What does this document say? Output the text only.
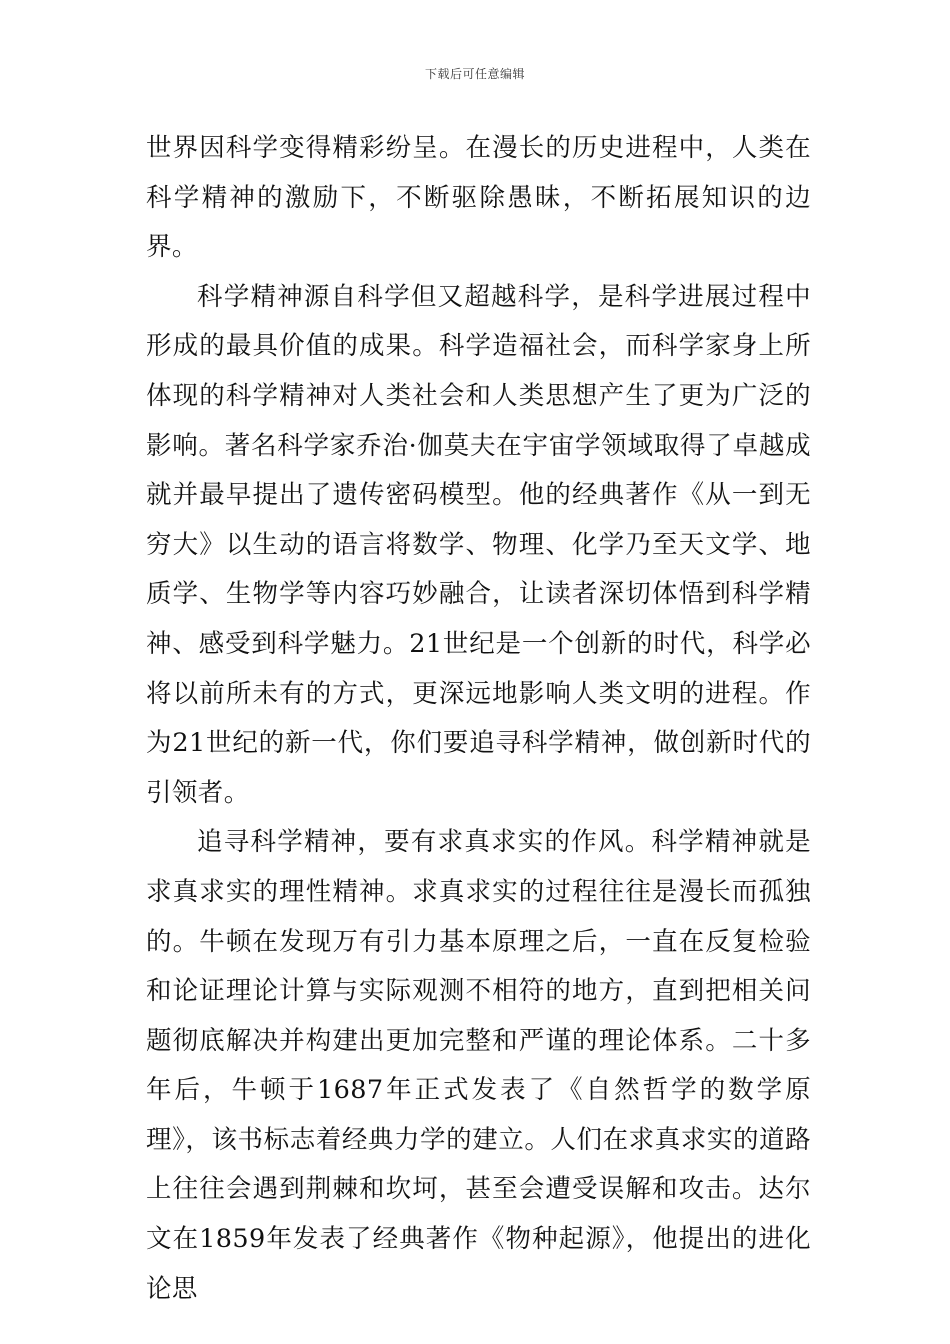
下载后可任意编辑

世界因科学变得精彩纷呈。在漫长的历史进程中，人类在科学精神的激励下，不断驱除愚昧，不断拓展知识的边界。

科学精神源自科学但又超越科学，是科学进展过程中形成的最具价值的成果。科学造福社会，而科学家身上所体现的科学精神对人类社会和人类思想产生了更为广泛的影响。著名科学家乔治·伽莫夫在宇宙学领域取得了卓越成就并最早提出了遗传密码模型。他的经典著作《从一到无穷大》以生动的语言将数学、物理、化学乃至天文学、地质学、生物学等内容巧妙融合，让读者深切体悟到科学精神、感受到科学魅力。21世纪是一个创新的时代，科学必将以前所未有的方式，更深远地影响人类文明的进程。作为21世纪的新一代，你们要追寻科学精神，做创新时代的引领者。

追寻科学精神，要有求真求实的作风。科学精神就是求真求实的理性精神。求真求实的过程往往是漫长而孤独的。牛顿在发现万有引力基本原理之后，一直在反复检验和论证理论计算与实际观测不相符的地方，直到把相关问题彻底解决并构建出更加完整和严谨的理论体系。二十多年后，牛顿于1687年正式发表了《自然哲学的数学原理》，该书标志着经典力学的建立。人们在求真求实的道路上往往会遇到荆棘和坎坷，甚至会遭受误解和攻击。达尔文在1859年发表了经典著作《物种起源》，他提出的进化论思
